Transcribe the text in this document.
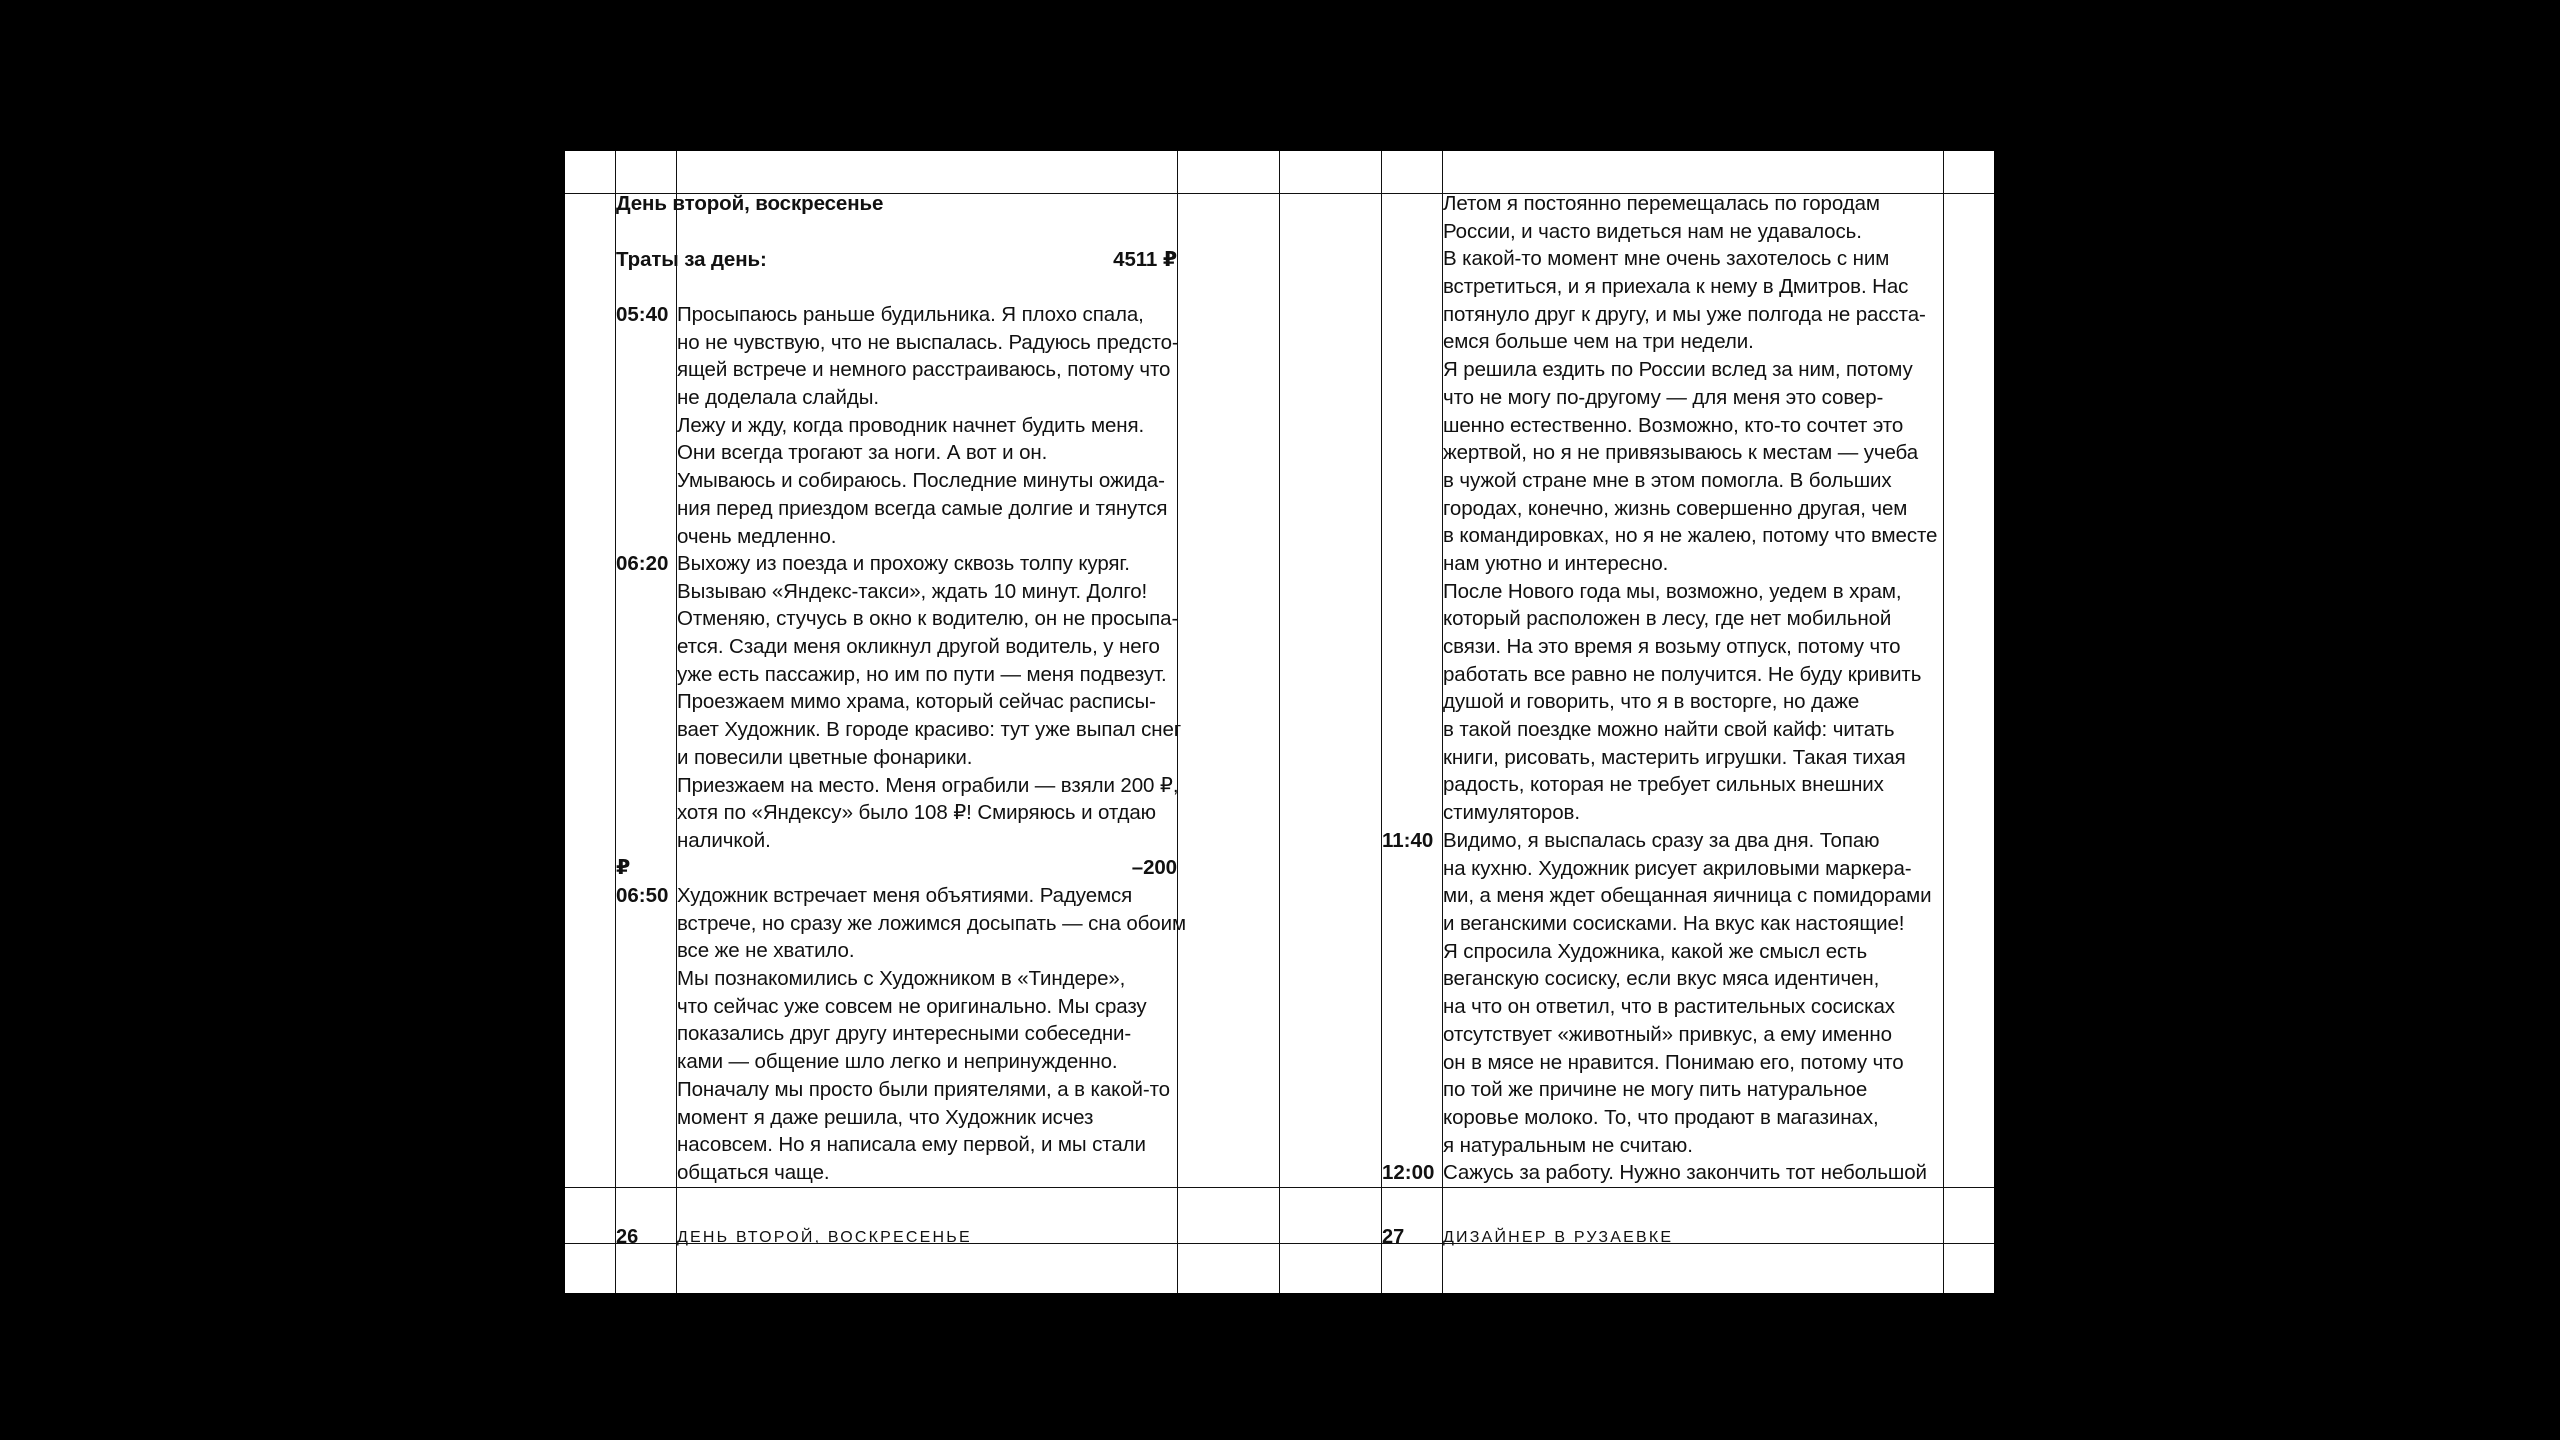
День второй, воскресенье
Траты за день:	4511 ₽
05:40 Просыпаюсь раньше будильника. Я плохо спала,
но не чувствую, что не выспалась. Радуюсь предсто-
ящей встрече и немного расстраиваюсь, потому что
не доделала слайды.
Лежу и жду, когда проводник начнет будить меня.
Они всегда трогают за ноги. А вот и он.
Умываюсь и собираюсь. Последние минуты ожида-
ния перед приездом всегда самые долгие и тянутся
очень медленно.
06:20 Выхожу из поезда и прохожу сквозь толпу куряг.
Вызываю «Яндекс-такси», ждать 10 минут. Долго!
Отменяю, стучусь в окно к водителю, он не просыпа-
ется. Сзади меня окликнул другой водитель, у него
уже есть пассажир, но им по пути — меня подвезут.
Проезжаем мимо храма, который сейчас расписы-
вает Художник. В городе красиво: тут уже выпал снег
и повесили цветные фонарики.
Приезжаем на место. Меня ограбили — взяли 200 ₽,
хотя по «Яндексу» было 108 ₽! Смиряюсь и отдаю
наличкой.
₽	–200
06:50 Художник встречает меня объятиями. Радуемся
встрече, но сразу же ложимся досыпать — сна обоим
все же не хватило.
Мы познакомились с Художником в «Тиндере»,
что сейчас уже совсем не оригинально. Мы сразу
показались друг другу интересными собеседни-
ками — общение шло легко и непринужденно.
Поначалу мы просто были приятелями, а в какой-то
момент я даже решила, что Художник исчез
насовсем. Но я написала ему первой, и мы стали
общаться чаще.
26 ДЕНЬ ВТОРОЙ, ВОСКРЕСЕНЬЕ
Летом я постоянно перемещалась по городам
России, и часто видеться нам не удавалось.
В какой-то момент мне очень захотелось с ним
встретиться, и я приехала к нему в Дмитров. Нас
потянуло друг к другу, и мы уже полгода не расста-
емся больше чем на три недели.
Я решила ездить по России вслед за ним, потому
что не могу по-другому — для меня это совер-
шенно естественно. Возможно, кто-то сочтет это
жертвой, но я не привязываюсь к местам — учеба
в чужой стране мне в этом помогла. В больших
городах, конечно, жизнь совершенно другая, чем
в командировках, но я не жалею, потому что вместе
нам уютно и интересно.
После Нового года мы, возможно, уедем в храм,
который расположен в лесу, где нет мобильной
связи. На это время я возьму отпуск, потому что
работать все равно не получится. Не буду кривить
душой и говорить, что я в восторге, но даже
в такой поездке можно найти свой кайф: читать
книги, рисовать, мастерить игрушки. Такая тихая
радость, которая не требует сильных внешних
стимуляторов.
11:40 Видимо, я выспалась сразу за два дня. Топаю
на кухню. Художник рисует акриловыми маркера-
ми, а меня ждет обещанная яичница с помидорами
и веганскими сосисками. На вкус как настоящие!
Я спросила Художника, какой же смысл есть
веганскую сосиску, если вкус мяса идентичен,
на что он ответил, что в растительных сосисках
отсутствует «животный» привкус, а ему именно
он в мясе не нравится. Понимаю его, потому что
по той же причине не могу пить натуральное
коровье молоко. То, что продают в магазинах,
я натуральным не считаю.
12:00 Сажусь за работу. Нужно закончить тот небольшой
27 ДИЗАЙНЕР В РУЗАЕВКЕ
